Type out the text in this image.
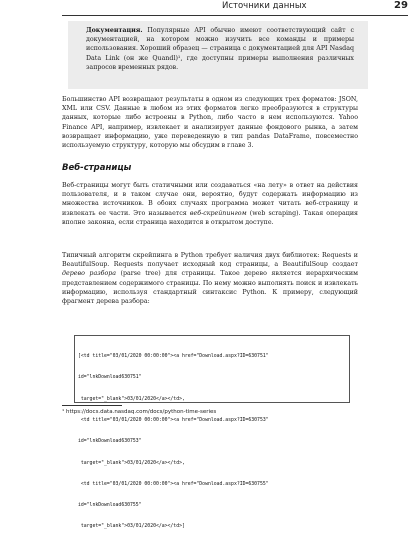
Источники данных	29
Документация. Популярные API обычно имеют соответствующий сайт с документацией, на котором можно изучить все команды и примеры использования. Хороший образец — страница с документацией для API Nasdaq Data Link (он же Quandl)¹, где доступны примеры выполнения различных запросов временных рядов.
Большинство API возвращают результаты в одном из следующих трех форматов: JSON, XML или CSV. Данные в любом из этих форматов легко преобразуются в структуры данных, которые либо встроены в Python, либо часто в нем используются. Yahoo Finance API, например, извлекает и анализирует данные фондового рынка, а затем возвращает информацию, уже переведенную в тип pandas DataFrame, повсеместно используемую структуру, которую мы обсудим в главе 3.
Веб-страницы
Веб-страницы могут быть статичными или создаваться «на лету» в ответ на действия пользователя, и в таком случае они, вероятно, будут содержать информацию из множества источников. В обоих случаях программа может читать веб-страницу и извлекать ее части. Это называется веб-скрейпингом (web scraping). Такая операция вполне законна, если страница находится в открытом доступе.
Типичный алгоритм скрейпинга в Python требует наличия двух библиотек: Requests и BeautifulSoup. Requests получает исходный код страницы, а BeautifulSoup создает дерево разбора (parse tree) для страницы. Такое дерево является иерархическим представлением содержимого страницы. По нему можно выполнять поиск и извлекать информацию, используя стандартный синтаксис Python. К примеру, следующий фрагмент дерева разбора:

[<td title="03/01/2020 00:00:00"><a href="Download.aspx?ID=630751"

id="lnkDownload630751"

target="_blank">03/01/2020</a></td>,

<td title="03/01/2020 00:00:00"><a href="Download.aspx?ID=630753"

id="lnkDownload630753"

target="_blank">03/01/2020</a></td>,

<td title="03/01/2020 00:00:00"><a href="Download.aspx?ID=630755"

id="lnkDownload630755"

target="_blank">03/01/2020</a></td>]

¹ https://docs.data.nasdaq.com/docs/python-time-series
